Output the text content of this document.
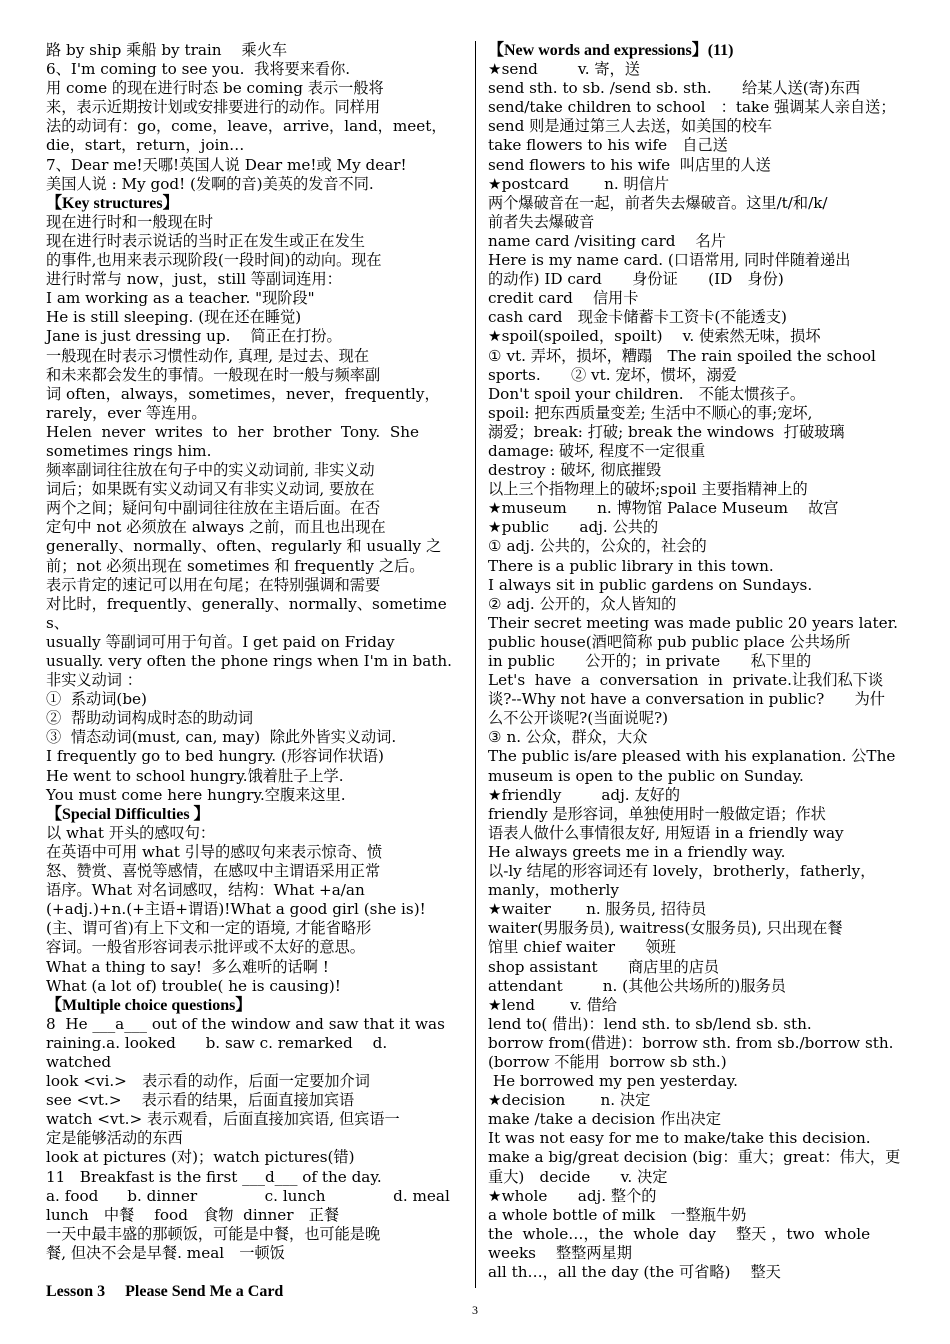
路 by ship 乘船 by train　 乘火车
6、I'm coming to see you.  我将要来看你.
用 come 的现在进行时态 be coming 表示一般将
来，表示近期按计划或安排要进行的动作。同样用
法的动词有：go，come，leave，arrive，land，meet，
die，start，return，join…
7、Dear me!天哪!英国人说 Dear me!或 My dear!
美国人说 : My god! (发啊的音)美英的发音不同.
【Key structures】
现在进行时和一般现在时
现在进行时表示说话的当时正在发生或正在发生
的事件,也用来表示现阶段(一段时间)的动向。现在
进行时常与 now，just，still 等副词连用：
I am working as a teacher. "现阶段"
He is still sleeping. (现在还在睡觉)
Jane is just dressing up.　 简正在打扮。
一般现在时表示习惯性动作, 真理, 是过去、现在
和未来都会发生的事情。一般现在时一般与频率副
词 often，always，sometimes，never，frequently，
rarely，ever 等连用。
Helen  never  writes  to  her  brother  Tony.  She
sometimes rings him.
频率副词往往放在句子中的实义动词前, 非实义动
词后；如果既有实义动词又有非实义动词, 要放在
两个之间；疑问句中副词往往放在主语后面。在否
定句中 not 必须放在 always 之前，而且也出现在
generally、normally、often、regularly 和 usually 之
前；not 必须出现在 sometimes 和 frequently 之后。
表示肯定的速记可以用在句尾；在特别强调和需要
对比时，frequently、generally、normally、sometimes、
usually 等副词可用于句首。I get paid on Friday
usually. very often the phone rings when I'm in bath.
非实义动词 ：
①  系动词(be)
②  帮助动词构成时态的助动词
③  情态动词(must, can, may)  除此外皆实义动词.
I frequently go to bed hungry. (形容词作状语)
He went to school hungry.饿着肚子上学.
You must come here hungry.空腹来这里.
【Special Difficulties 】
以 what 开头的感叹句：
在英语中可用 what 引导的感叹句来表示惊奇、愤
怒、赞赏、喜悦等感情，在感叹中主谓语采用正常
语序。What 对名词感叹，结构：What +a/an
(+adj.)+n.(+主语+谓语)!What a good girl (she is)!
(主、谓可省)有上下文和一定的语境, 才能省略形
容词。一般省形容词表示批评或不太好的意思。
What a thing to say!  多么难听的话啊 !
What (a lot of) trouble( he is causing)!
【Multiple choice questions】
8  He ___a___ out of the window and saw that it was
raining.a. looked　   b. saw c. remarked　 d.
watched
look <vi.>　表示看的动作，后面一定要加介词
see <vt.>　 表示看的结果，后面直接加宾语
watch <vt.> 表示观看，后面直接加宾语, 但宾语一
定是能够活动的东西
look at pictures (对)；watch pictures(错)
11   Breakfast is the first ___d___ of the day.
a. food      b. dinner              c. lunch              d. meal
lunch　中餐　 food　食物  dinner　正餐
一天中最丰盛的那顿饭，可能是中餐，也可能是晚
餐, 但决不会是早餐. meal　一顿饭
Lesson 3     Please Send Me a Card
【New words and expressions】(11)
★send　　  v. 寄，送
send sth. to sb. /send sb. sth.　　给某人送(寄)东西
send/take children to school　：take 强调某人亲自送；
send 则是通过第三人去送，如美国的校车
take flowers to his wife　自己送
send flowers to his wife  叫店里的人送
★postcard　　 n. 明信片
两个爆破音在一起，前者失去爆破音。这里/t/和/k/
前者失去爆破音
name card /visiting card　 名片
Here is my name card. (口语常用, 同时伴随着递出
的动作) ID card　　身份证　　(ID　身份)
credit card　 信用卡
cash card　现金卡储蓄卡工资卡(不能透支)
★spoil(spoiled，spoilt)　 v. 使索然无味，损坏
① vt. 弄坏，损坏，糟蹋　The rain spoiled the school
sports.　　② vt. 宠坏，惯坏，溺爱
Don't spoil your children.　不能太惯孩子。
spoil: 把东西质量变差; 生活中不顺心的事;宠坏,
溺爱；break: 打破; break the windows  打破玻璃
damage: 破坏, 程度不一定很重
destroy : 破坏, 彻底摧毁
以上三个指物理上的破坏;spoil 主要指精神上的
★museum　　n. 博物馆 Palace Museum　 故宫
★public　　adj. 公共的
① adj. 公共的，公众的，社会的
There is a public library in this town.
I always sit in public gardens on Sundays.
② adj. 公开的，众人皆知的
Their secret meeting was made public 20 years later.
public house(酒吧简称 pub public place 公共场所
in public　　公开的；in private　　私下里的
Let's  have  a  conversation  in  private.让我们私下谈
谈?--Why not have a conversation in public?　　为什
么不公开谈呢?(当面说呢?)
③ n. 公众，群众，大众
The public is/are pleased with his explanation. 公The
museum is open to the public on Sunday.
★friendly　　  adj. 友好的
friendly 是形容词，单独使用时一般做定语；作状
语表人做什么事情很友好, 用短语 in a friendly way
He always greets me in a friendly way.
以-ly 结尾的形容词还有 lovely，brotherly，fatherly，
manly，motherly
★waiter　　 n. 服务员, 招待员
waiter(男服务员), waitress(女服务员), 只出现在餐
馆里 chief waiter　　领班
shop assistant　　商店里的店员
attendant　　  n. (其他公共场所的)服务员
★lend　　 v. 借给
lend to( 借出)：lend sth. to sb/lend sb. sth.
borrow from(借进)：borrow sth. from sb./borrow sth.
(borrow 不能用  borrow sb sth.)
He borrowed my pen yesterday.
★decision　　 n. 决定
make /take a decision 作出决定
It was not easy for me to make/take this decision.
make a big/great decision (big：重大；great：伟大，更
重大)　decide　　v. 决定
★whole　　adj. 整个的
a whole bottle of milk　一整瓶牛奶
the  whole…，the  whole  day　 整天 ，two  whole
weeks　 整整两星期
all th…，all the day (the 可省略)　 整天
3
